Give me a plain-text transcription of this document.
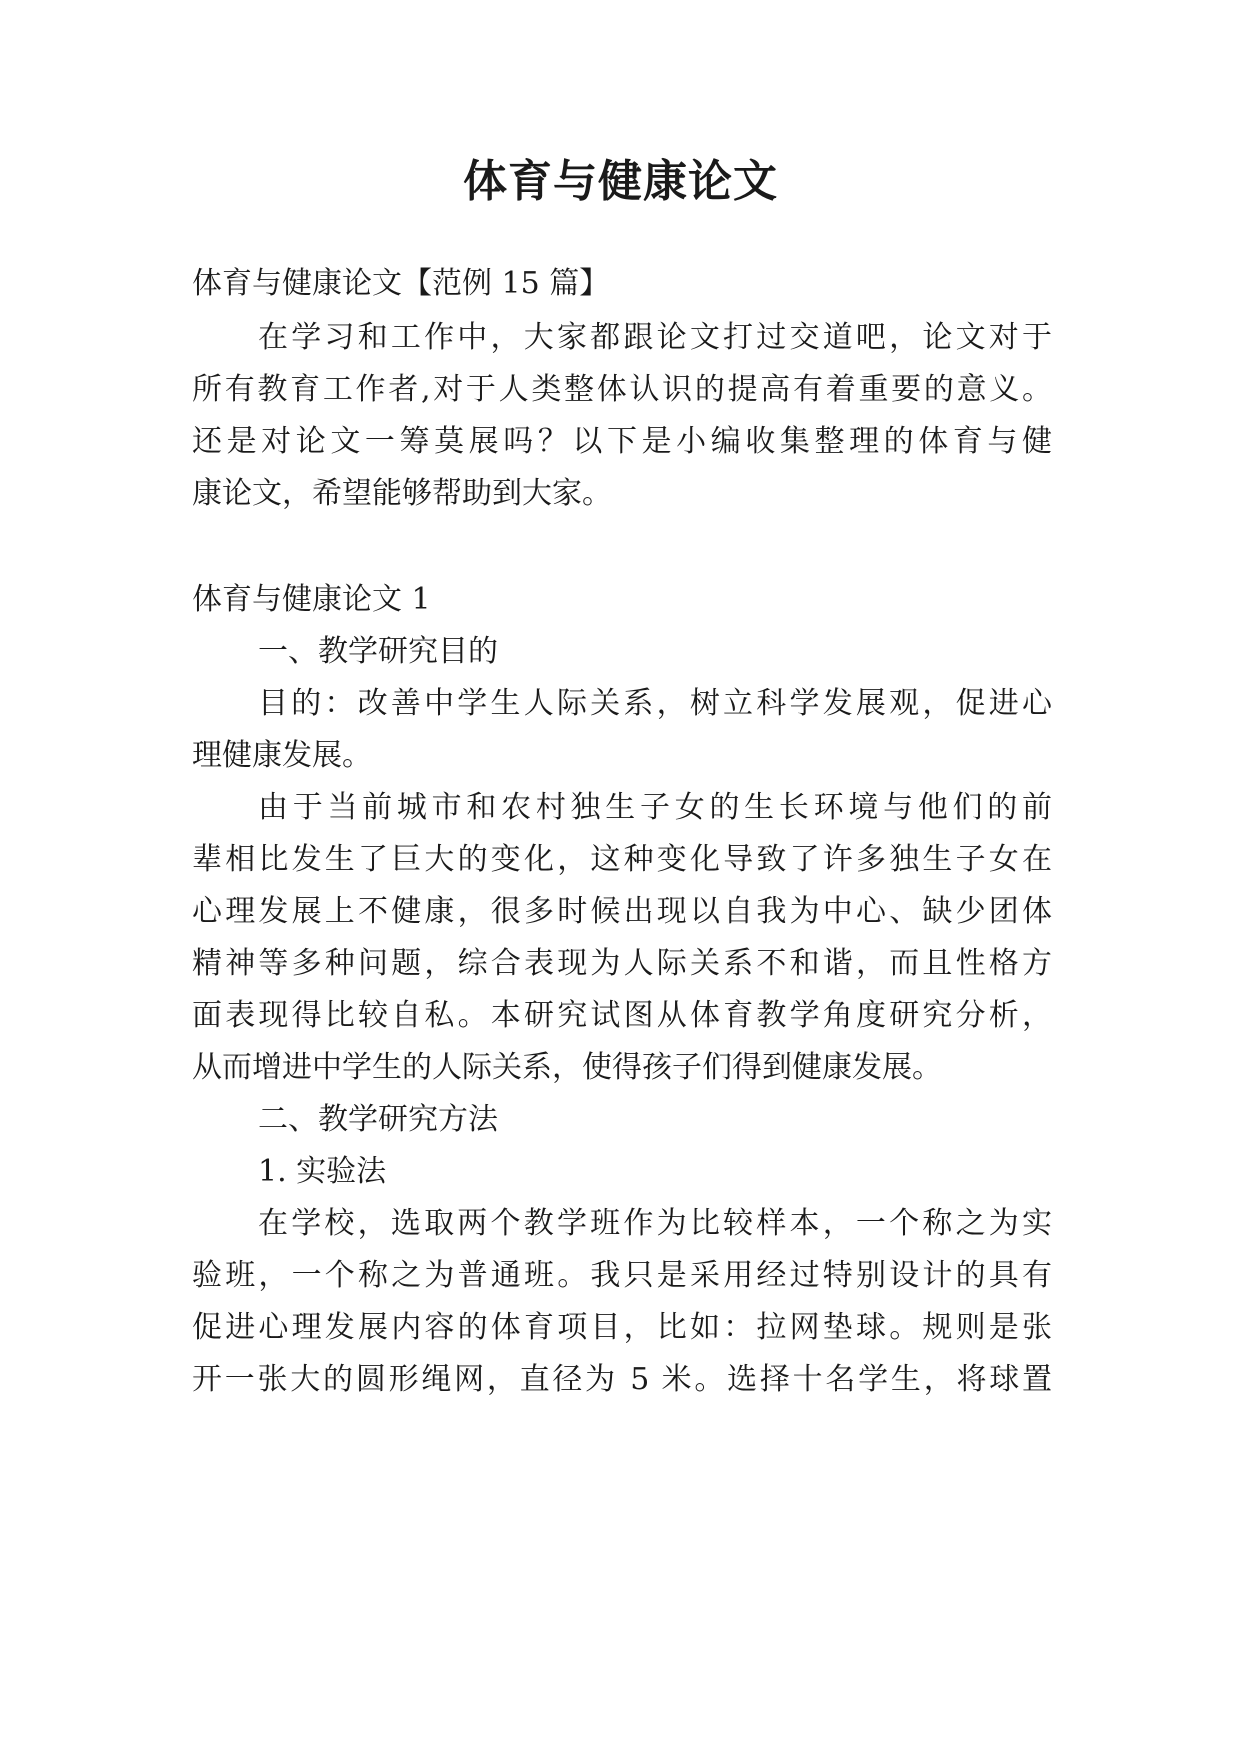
体育与健康论文

体育与健康论文【范例 15 篇】

在学习和工作中，大家都跟论文打过交道吧，论文对于

所有教育工作者,对于人类整体认识的提高有着重要的意义。

还是对论文一筹莫展吗？以下是小编收集整理的体育与健

康论文，希望能够帮助到大家。

体育与健康论文 1

一、教学研究目的

目的：改善中学生人际关系，树立科学发展观，促进心

理健康发展。

由于当前城市和农村独生子女的生长环境与他们的前

辈相比发生了巨大的变化，这种变化导致了许多独生子女在

心理发展上不健康，很多时候出现以自我为中心、缺少团体

精神等多种问题，综合表现为人际关系不和谐，而且性格方

面表现得比较自私。本研究试图从体育教学角度研究分析，

从而增进中学生的人际关系，使得孩子们得到健康发展。

二、教学研究方法

1. 实验法

在学校，选取两个教学班作为比较样本，一个称之为实

验班，一个称之为普通班。我只是采用经过特别设计的具有

促进心理发展内容的体育项目，比如：拉网垫球。规则是张

开一张大的圆形绳网，直径为 5 米。选择十名学生，将球置
